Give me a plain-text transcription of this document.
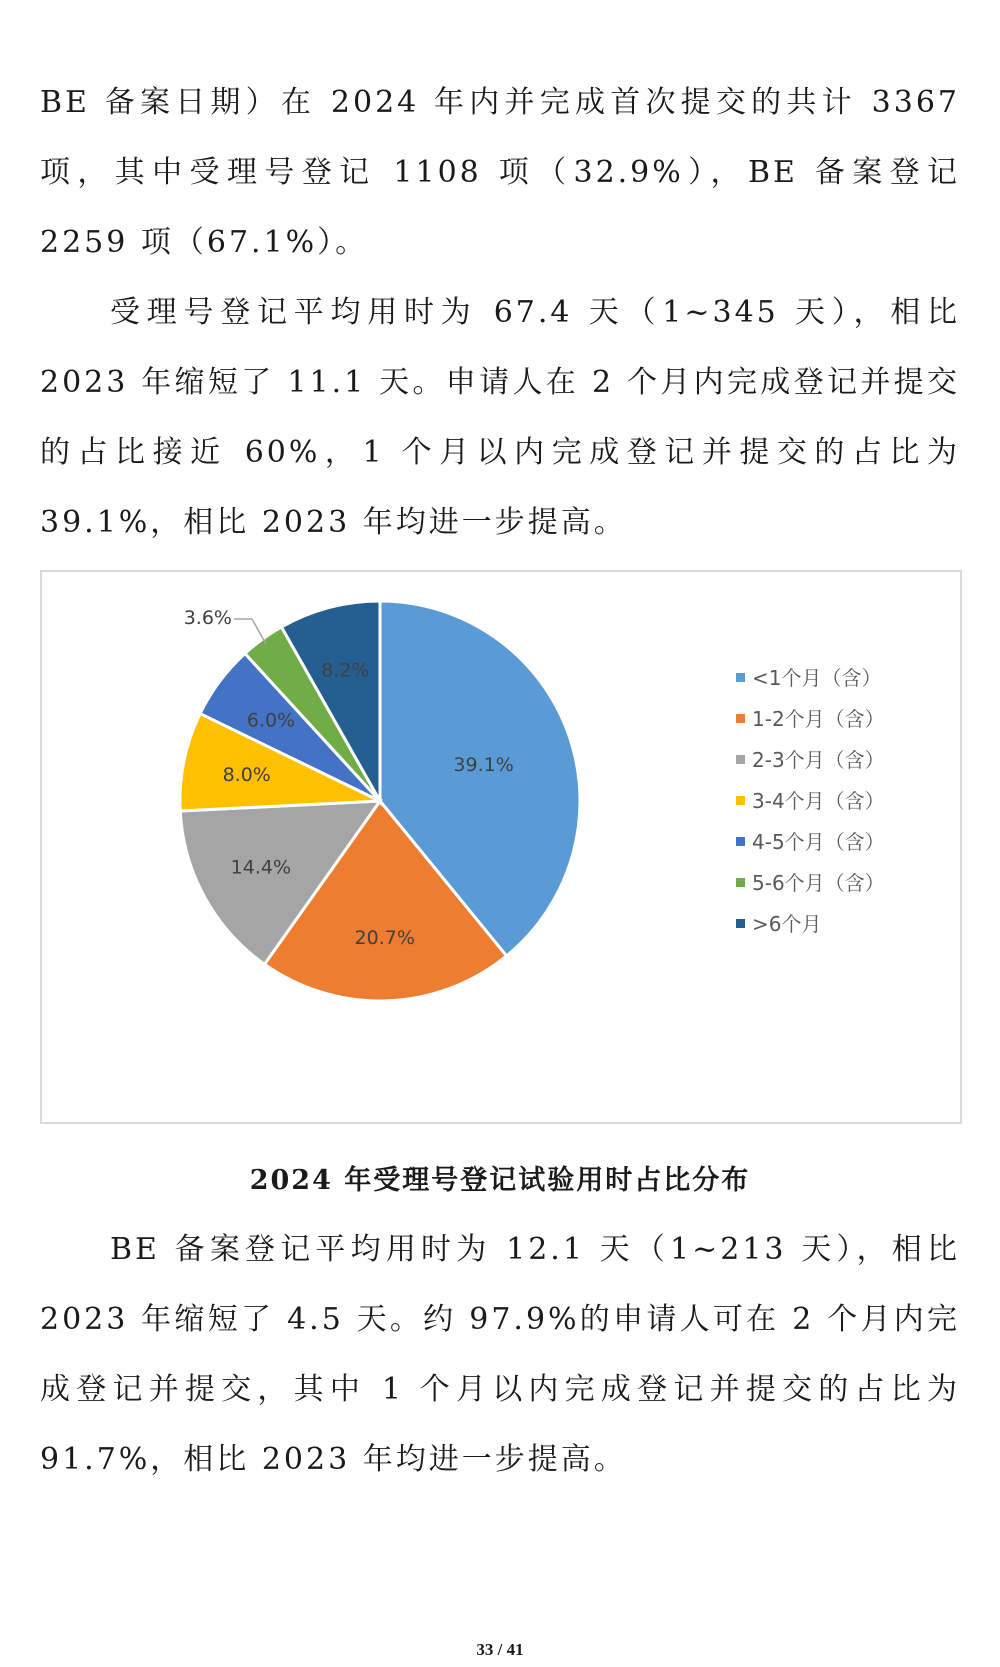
BE 备案日期）在 2024 年内并完成首次提交的共计 3367 项，其中受理号登记 1108 项（32.9%），BE 备案登记 2259 项（67.1%）。

受理号登记平均用时为 67.4 天（1~345 天），相比 2023 年缩短了 11.1 天。申请人在 2 个月内完成登记并提交的占比接近 60%，1 个月以内完成登记并提交的占比为 39.1%，相比 2023 年均进一步提高。

39.1%
20.7%
14.4%
8.0%
6.0%
3.6%
8.2%	<1个月（含）
1-2个月（含）
2-3个月（含）
3-4个月（含）
4-5个月（含）
5-6个月（含）
>6个月
2024 年受理号登记试验用时占比分布

BE 备案登记平均用时为 12.1 天（1~213 天），相比 2023 年缩短了 4.5 天。约 97.9%的申请人可在 2 个月内完成登记并提交，其中 1 个月以内完成登记并提交的占比为 91.7%，相比 2023 年均进一步提高。

33 / 41
